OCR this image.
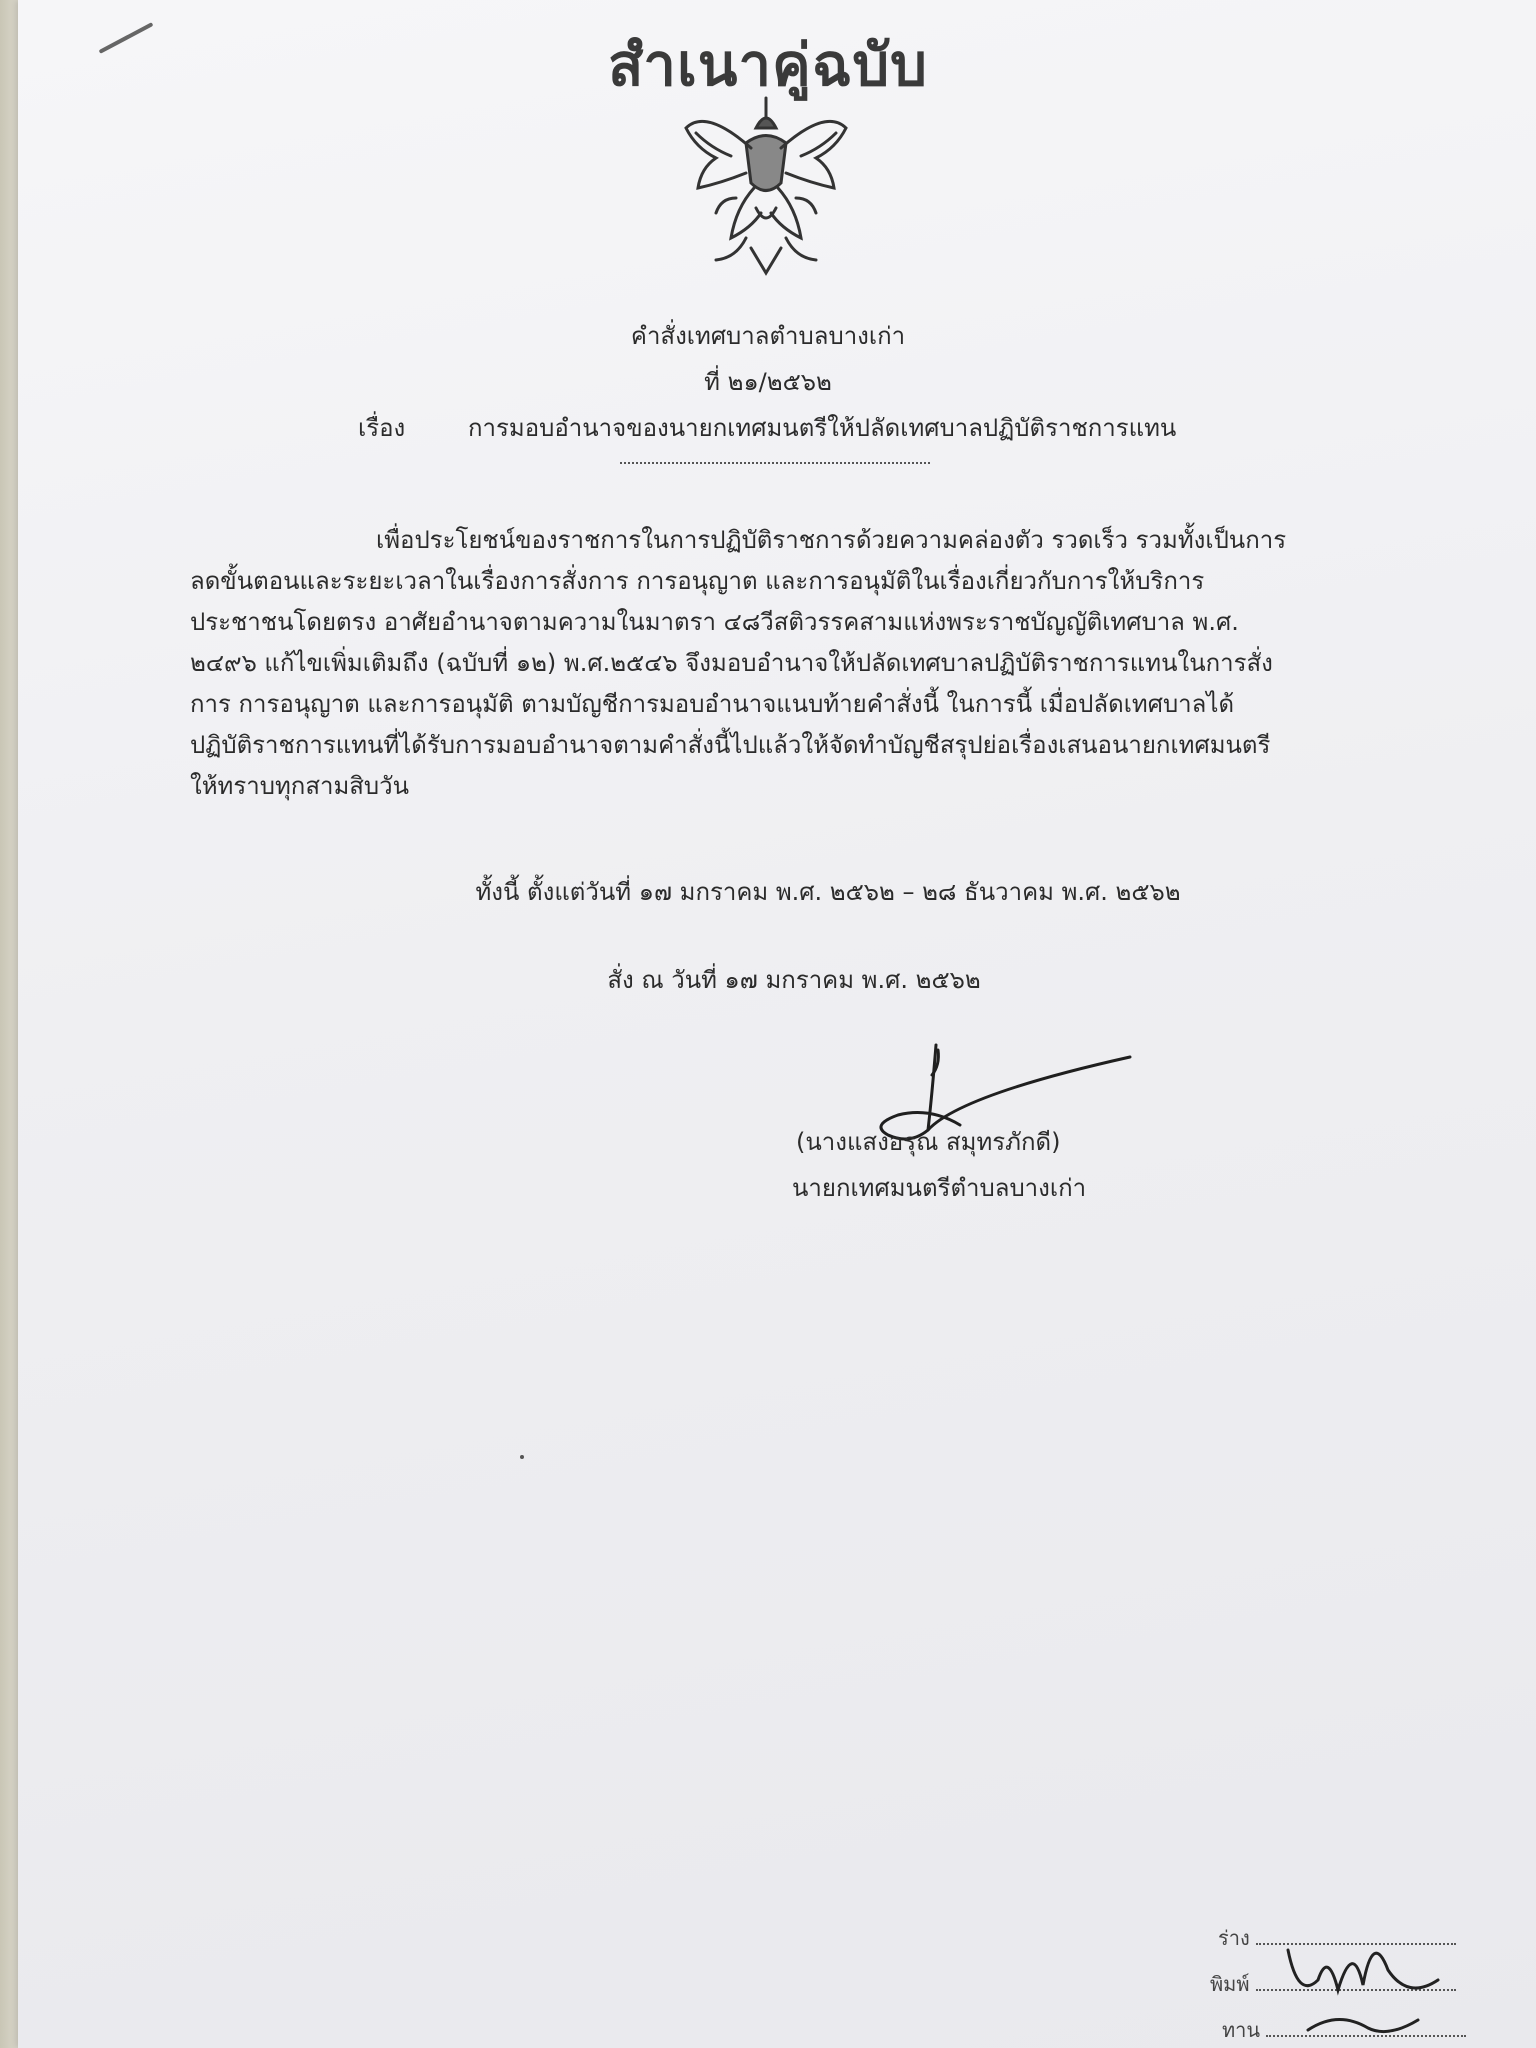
สำเนาคู่ฉบับ
คำสั่งเทศบาลตำบลบางเก่า
ที่ ๒๑/๒๕๖๒
เรื่อง	การมอบอำนาจของนายกเทศมนตรีให้ปลัดเทศบาลปฏิบัติราชการแทน
เพื่อประโยชน์ของราชการในการปฏิบัติราชการด้วยความคล่องตัว รวดเร็ว รวมทั้งเป็นการ
ลดขั้นตอนและระยะเวลาในเรื่องการสั่งการ การอนุญาต และการอนุมัติในเรื่องเกี่ยวกับการให้บริการ
ประชาชนโดยตรง อาศัยอำนาจตามความในมาตรา ๔๘วีสติวรรคสามแห่งพระราชบัญญัติเทศบาล พ.ศ.
๒๔๙๖ แก้ไขเพิ่มเติมถึง (ฉบับที่ ๑๒) พ.ศ.๒๕๔๖ จึงมอบอำนาจให้ปลัดเทศบาลปฏิบัติราชการแทนในการสั่ง
การ การอนุญาต และการอนุมัติ ตามบัญชีการมอบอำนาจแนบท้ายคำสั่งนี้ ในการนี้ เมื่อปลัดเทศบาลได้
ปฏิบัติราชการแทนที่ได้รับการมอบอำนาจตามคำสั่งนี้ไปแล้วให้จัดทำบัญชีสรุปย่อเรื่องเสนอนายกเทศมนตรี
ให้ทราบทุกสามสิบวัน
ทั้งนี้ ตั้งแต่วันที่ ๑๗ มกราคม พ.ศ. ๒๕๖๒ – ๒๘ ธันวาคม พ.ศ. ๒๕๖๒
สั่ง ณ วันที่ ๑๗ มกราคม พ.ศ. ๒๕๖๒
(นางแสงอรุณ สมุทรภักดี)
นายกเทศมนตรีตำบลบางเก่า
ร่าง
พิมพ์
ทาน
